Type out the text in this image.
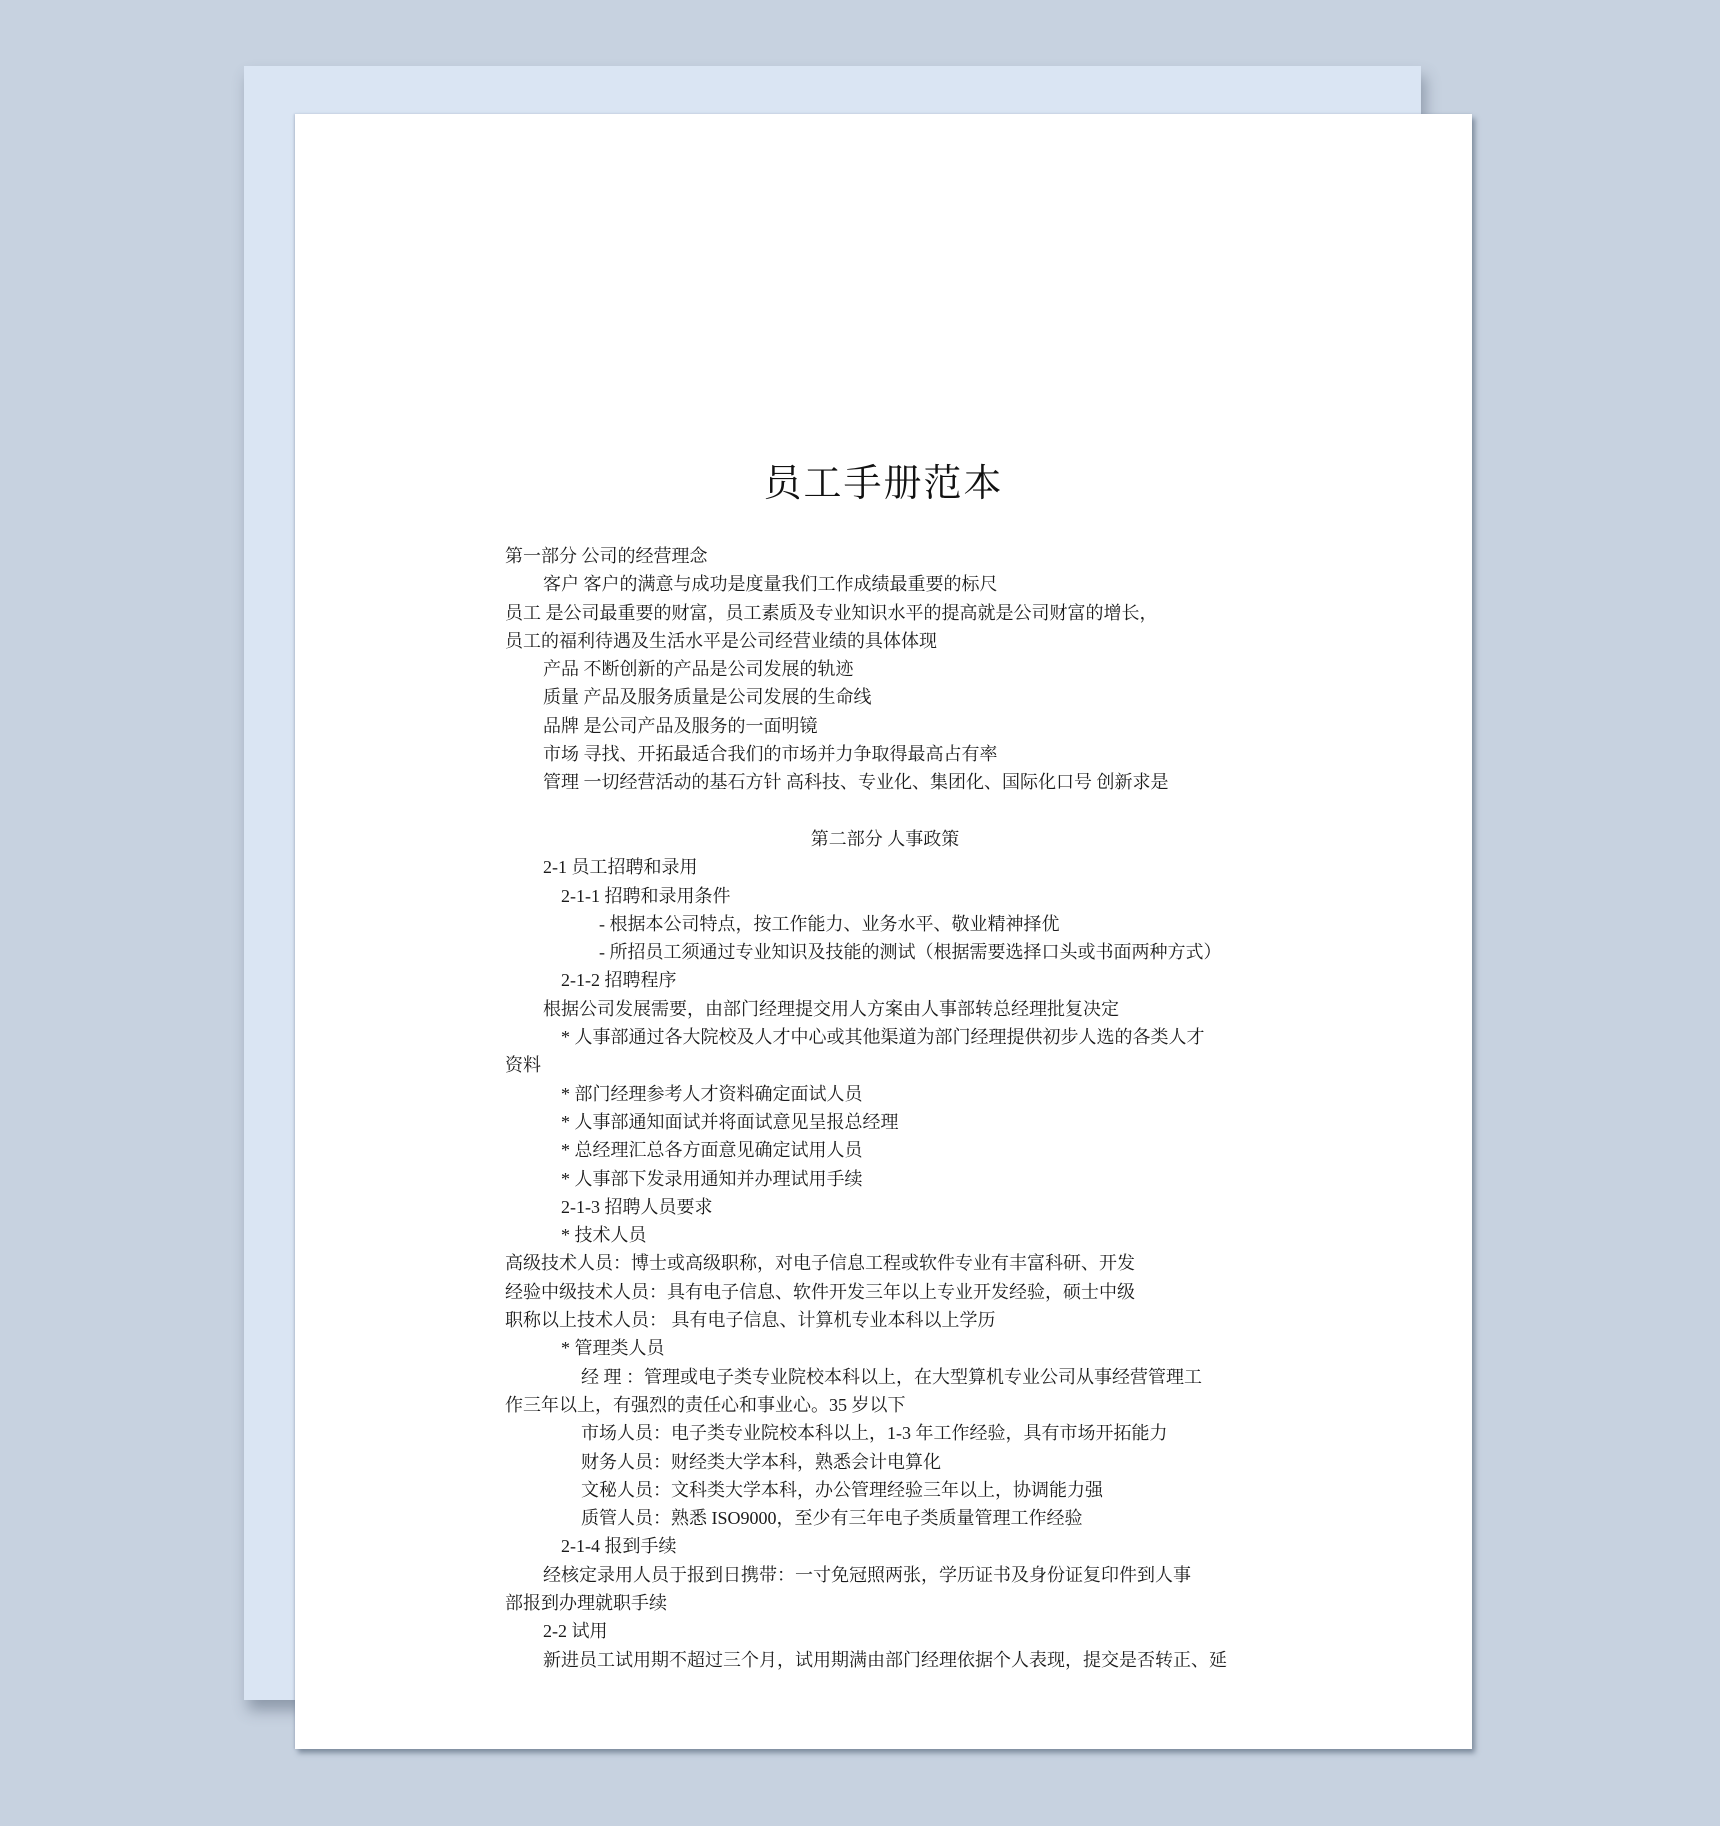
员工手册范本
第一部分 公司的经营理念
客户 客户的满意与成功是度量我们工作成绩最重要的标尺
员工 是公司最重要的财富，员工素质及专业知识水平的提高就是公司财富的增长，
员工的福利待遇及生活水平是公司经营业绩的具体体现
产品 不断创新的产品是公司发展的轨迹
质量 产品及服务质量是公司发展的生命线
品牌 是公司产品及服务的一面明镜
市场 寻找、开拓最适合我们的市场并力争取得最高占有率
管理 一切经营活动的基石方针 高科技、专业化、集团化、国际化口号 创新求是
第二部分 人事政策
2-1 员工招聘和录用
2-1-1 招聘和录用条件
- 根据本公司特点，按工作能力、业务水平、敬业精神择优
- 所招员工须通过专业知识及技能的测试（根据需要选择口头或书面两种方式）
2-1-2 招聘程序
根据公司发展需要，由部门经理提交用人方案由人事部转总经理批复决定
* 人事部通过各大院校及人才中心或其他渠道为部门经理提供初步人选的各类人才
资料
* 部门经理参考人才资料确定面试人员
* 人事部通知面试并将面试意见呈报总经理
* 总经理汇总各方面意见确定试用人员
* 人事部下发录用通知并办理试用手续
2-1-3 招聘人员要求
* 技术人员
高级技术人员：博士或高级职称，对电子信息工程或软件专业有丰富科研、开发
经验中级技术人员：具有电子信息、软件开发三年以上专业开发经验，硕士中级
职称以上技术人员： 具有电子信息、计算机专业本科以上学历
* 管理类人员
经 理 ：管理或电子类专业院校本科以上，在大型算机专业公司从事经营管理工
作三年以上，有强烈的责任心和事业心。35 岁以下
市场人员：电子类专业院校本科以上，1-3 年工作经验，具有市场开拓能力
财务人员：财经类大学本科，熟悉会计电算化
文秘人员：文科类大学本科，办公管理经验三年以上，协调能力强
质管人员：熟悉 ISO9000，至少有三年电子类质量管理工作经验
2-1-4 报到手续
经核定录用人员于报到日携带：一寸免冠照两张，学历证书及身份证复印件到人事
部报到办理就职手续
2-2 试用
新进员工试用期不超过三个月，试用期满由部门经理依据个人表现，提交是否转正、延
